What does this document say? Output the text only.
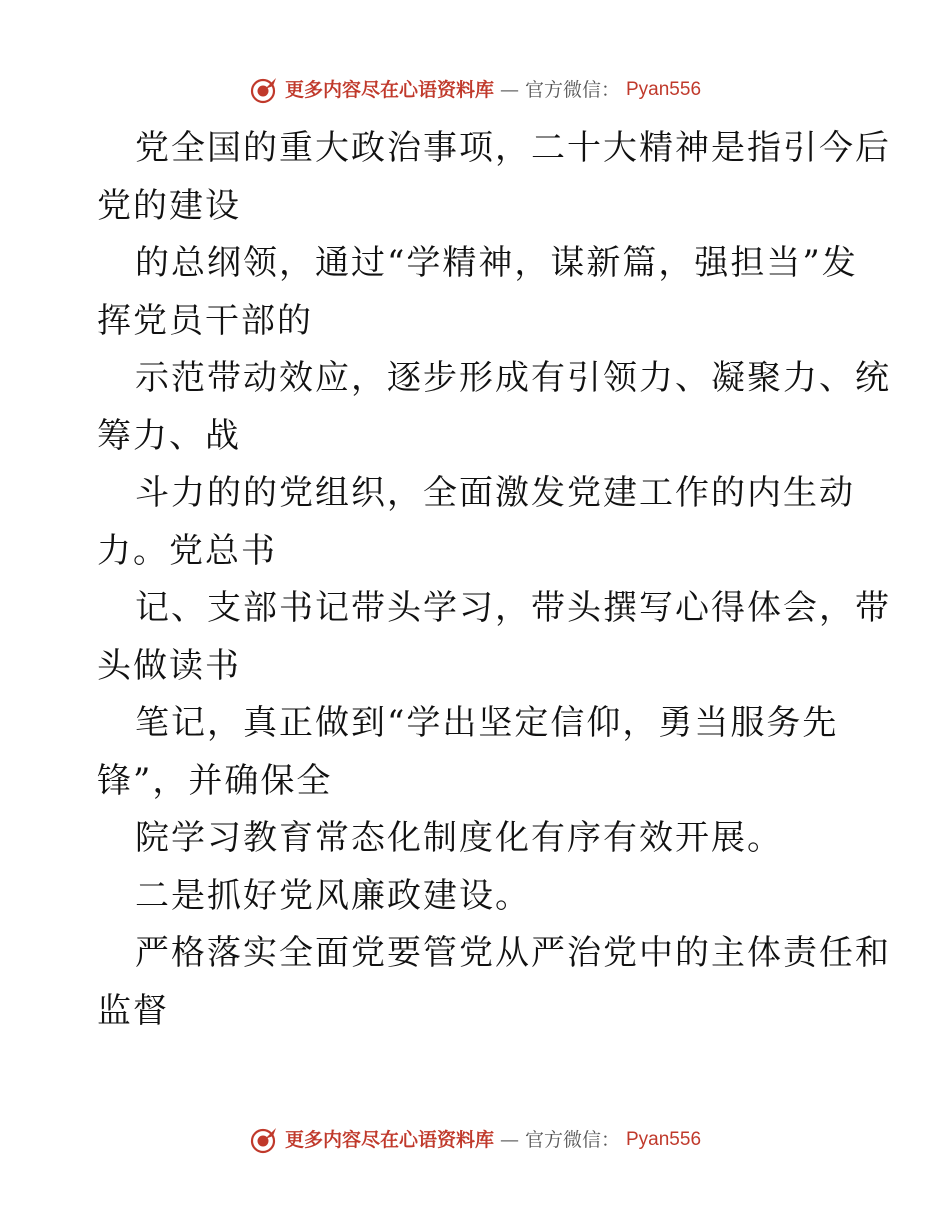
更多内容尽在心语资料库 — 官方微信： Pyan556
党全国的重大政治事项，二十大精神是指引今后
党的建设
的总纲领，通过“学精神，谋新篇，强担当”发
挥党员干部的
示范带动效应，逐步形成有引领力、凝聚力、统
筹力、战
斗力的的党组织，全面激发党建工作的内生动
力。党总书
记、支部书记带头学习，带头撰写心得体会，带
头做读书
笔记，真正做到“学出坚定信仰，勇当服务先
锋”，并确保全
院学习教育常态化制度化有序有效开展。
二是抓好党风廉政建设。
严格落实全面党要管党从严治党中的主体责任和
监督
更多内容尽在心语资料库 — 官方微信： Pyan556
